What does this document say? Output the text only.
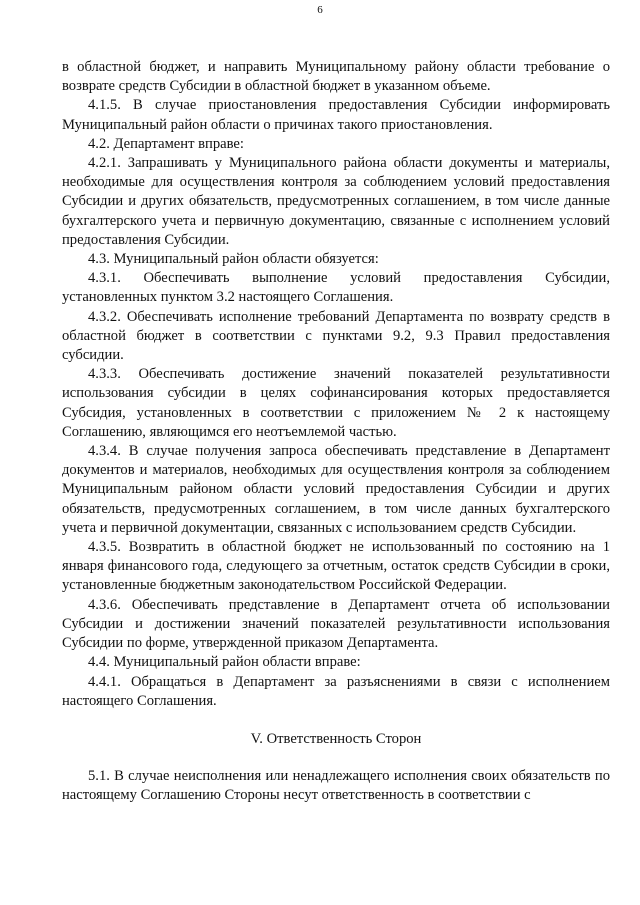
6

в областной бюджет, и направить Муниципальному району области требование о возврате средств Субсидии в областной бюджет в указанном объеме.

4.1.5. В случае приостановления предоставления Субсидии информировать Муниципальный район области о причинах такого приостановления.

4.2. Департамент вправе:

4.2.1. Запрашивать у Муниципального района области документы и материалы, необходимые для осуществления контроля за соблюдением условий предоставления Субсидии и других обязательств, предусмотренных соглашением, в том числе данные бухгалтерского учета и первичную документацию, связанные с исполнением условий предоставления Субсидии.

4.3. Муниципальный район области обязуется:

4.3.1. Обеспечивать выполнение условий предоставления Субсидии, установленных пунктом 3.2 настоящего Соглашения.

4.3.2. Обеспечивать исполнение требований Департамента по возврату средств в областной бюджет в соответствии с пунктами 9.2, 9.3 Правил предоставления субсидии.

4.3.3. Обеспечивать достижение значений показателей результативности использования субсидии в целях софинансирования которых предоставляется Субсидия, установленных в соответствии с приложением № 2 к настоящему Соглашению, являющимся его неотъемлемой частью.

4.3.4. В случае получения запроса обеспечивать представление в Департамент документов и материалов, необходимых для осуществления контроля за соблюдением Муниципальным районом области условий предоставления Субсидии и других обязательств, предусмотренных соглашением, в том числе данных бухгалтерского учета и первичной документации, связанных с использованием средств Субсидии.

4.3.5. Возвратить в областной бюджет не использованный по состоянию на 1 января финансового года, следующего за отчетным, остаток средств Субсидии в сроки, установленные бюджетным законодательством Российской Федерации.

4.3.6. Обеспечивать представление в Департамент отчета об использовании Субсидии и достижении значений показателей результативности использования Субсидии по форме, утвержденной приказом Департамента.

4.4. Муниципальный район области вправе:

4.4.1. Обращаться в Департамент за разъяснениями в связи с исполнением настоящего Соглашения.

V. Ответственность Сторон

5.1. В случае неисполнения или ненадлежащего исполнения своих обязательств по настоящему Соглашению Стороны несут ответственность в соответствии с
